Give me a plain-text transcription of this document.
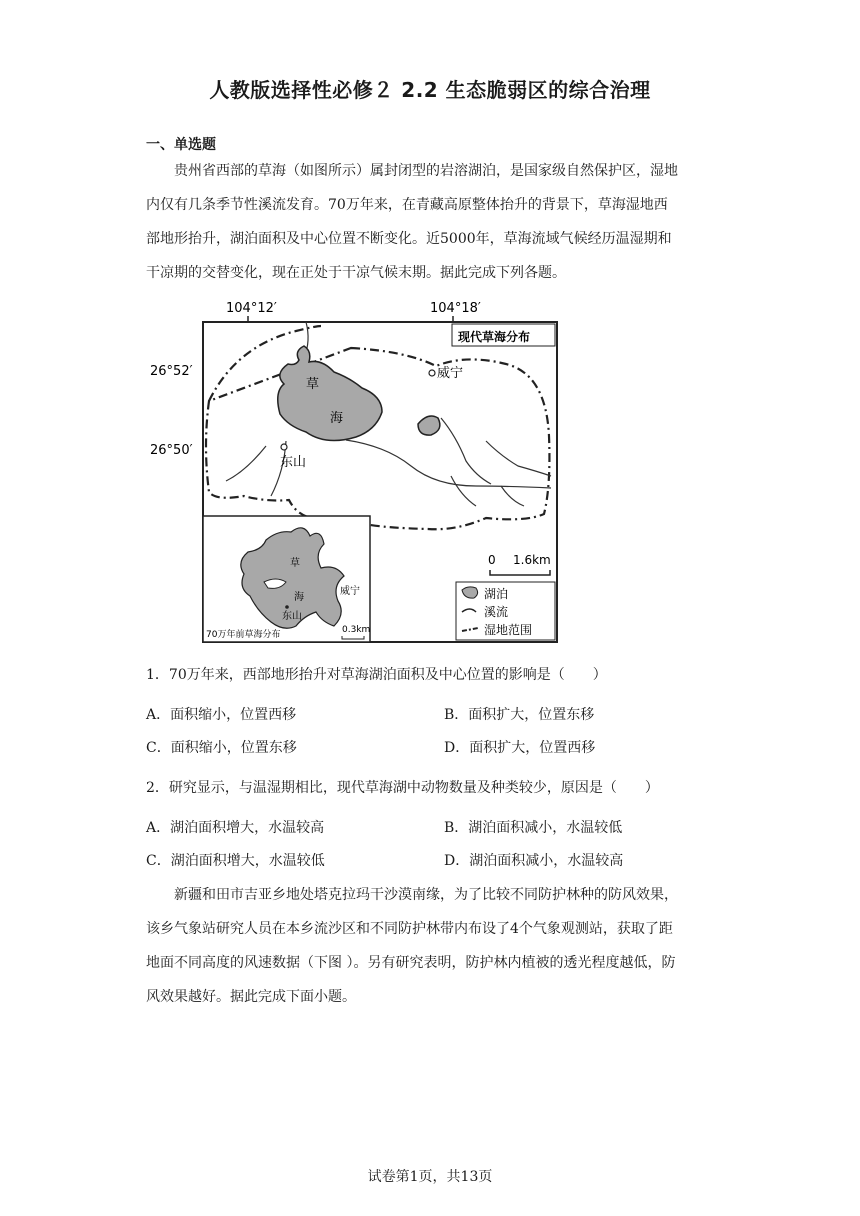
人教版选择性必修２ 2.2 生态脆弱区的综合治理
一、单选题
贵州省西部的草海（如图所示）属封闭型的岩溶湖泊，是国家级自然保护区，湿地
内仅有几条季节性溪流发育。70万年来，在青藏高原整体抬升的背景下，草海湿地西
部地形抬升，湖泊面积及中心位置不断变化。近5000年，草海流域气候经历温湿期和
干凉期的交替变化，现在正处于干凉气候末期。据此完成下列各题。
104°12′	104°18′
26°52′
26°50′
现代草海分布
草
海
威宁
东山
0 1.6km
湖泊
溪流
湿地范围
草
海
威宁
东山
70万年前草海分布	0.3km
1．70万年来，西部地形抬升对草海湖泊面积及中心位置的影响是（　　）
A．面积缩小，位置西移	B．面积扩大，位置东移
C．面积缩小，位置东移	D．面积扩大，位置西移
2．研究显示，与温湿期相比，现代草海湖中动物数量及种类较少，原因是（　　）
A．湖泊面积增大，水温较高	B．湖泊面积减小，水温较低
C．湖泊面积增大，水温较低	D．湖泊面积减小，水温较高
新疆和田市吉亚乡地处塔克拉玛干沙漠南缘，为了比较不同防护林种的防风效果，
该乡气象站研究人员在本乡流沙区和不同防护林带内布设了4个气象观测站，获取了距
地面不同高度的风速数据（下图 ）。另有研究表明，防护林内植被的透光程度越低，防
风效果越好。据此完成下面小题。
试卷第1页，共13页
